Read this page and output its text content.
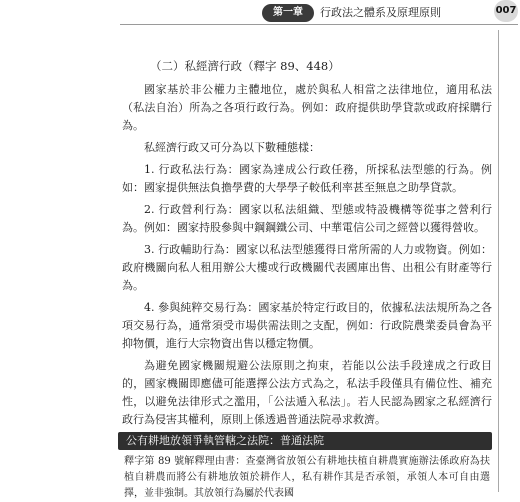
第一章	行政法之體系及原理原則	007
（二）私經濟行政（釋字 89、448）

國家基於非公權力主體地位，處於與私人相當之法律地位，適用私法（私法自治）所為之各項行政行為。例如：政府提供助學貸款或政府採購行為。

私經濟行政又可分為以下數種態樣：

1. 行政私法行為：國家為達成公行政任務，所採私法型態的行為。例如：國家提供無法負擔學費的大學學子較低利率甚至無息之助學貸款。
2. 行政營利行為：國家以私法組織、型態或特設機構等從事之營利行為。例如：國家持股參與中鋼鋼鐵公司、中華電信公司之經營以獲得營收。
3. 行政輔助行為：國家以私法型態獲得日常所需的人力或物資。例如：政府機關向私人租用辦公大樓或行政機關代表國庫出售、出租公有財產等行為。
4. 參與純粹交易行為：國家基於特定行政目的，依據私法法規所為之各項交易行為，通常須受市場供需法則之支配，例如：行政院農業委員會為平抑物價，進行大宗物資出售以穩定物價。

為避免國家機關規避公法原則之拘束，若能以公法手段達成之行政目的，國家機關即應儘可能選擇公法方式為之，私法手段僅具有備位性、補充性，以避免法律形式之濫用，「公法遁入私法」。若人民認為國家之私經濟行政行為侵害其權利，原則上係透過普通法院尋求救濟。

公有耕地放領爭執管轄之法院：普通法院

釋字第 89 號解釋理由書：查臺灣省放領公有耕地扶植自耕農實施辦法係政府為扶植自耕農而將公有耕地放領於耕作人，私有耕作其是否承領，承領人本可自由選擇，並非強制。其放領行為屬於代表國
